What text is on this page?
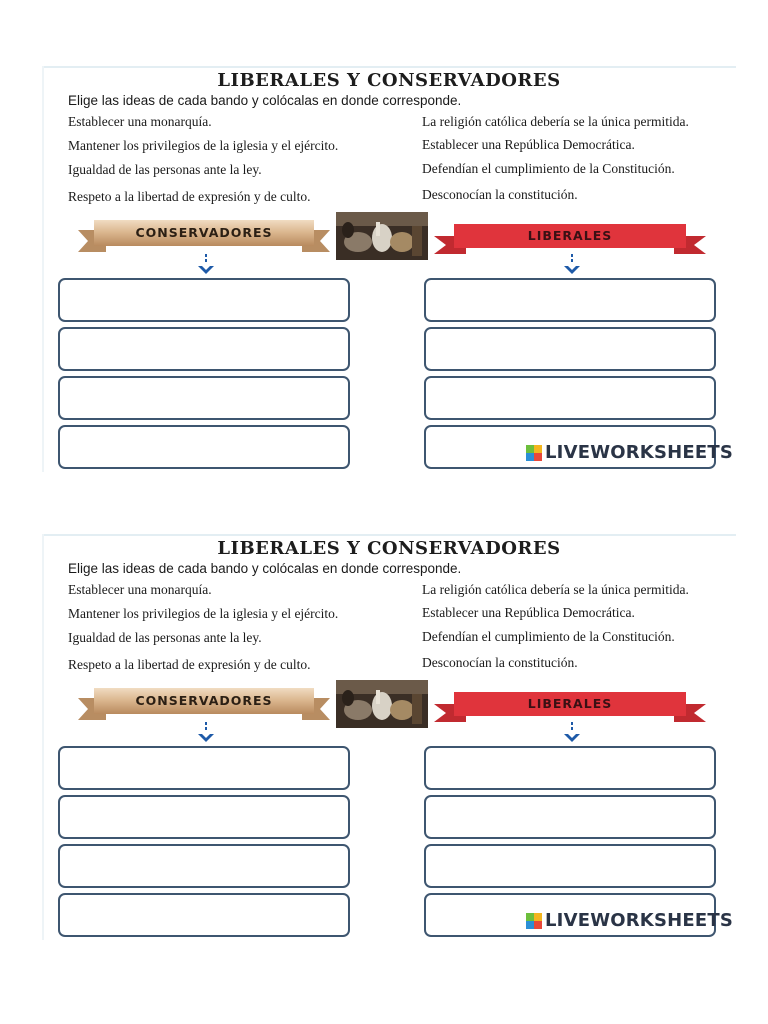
LIBERALES Y CONSERVADORES
Elige las ideas de cada bando y colócalas en donde corresponde.
Establecer una monarquía.
Mantener los privilegios de la iglesia y el ejército.
Igualdad de las personas ante la ley.
Respeto a la libertad de expresión y de culto.
La religión católica debería se la única permitida.
Establecer una República Democrática.
Defendían el cumplimiento de la Constitución.
Desconocían la constitución.
CONSERVADORES	LIBERALES
LIVEWORKSHEETS
LIBERALES Y CONSERVADORES
Elige las ideas de cada bando y colócalas en donde corresponde.
Establecer una monarquía.
Mantener los privilegios de la iglesia y el ejército.
Igualdad de las personas ante la ley.
Respeto a la libertad de expresión y de culto.
La religión católica debería se la única permitida.
Establecer una República Democrática.
Defendían el cumplimiento de la Constitución.
Desconocían la constitución.
CONSERVADORES	LIBERALES
LIVEWORKSHEETS
